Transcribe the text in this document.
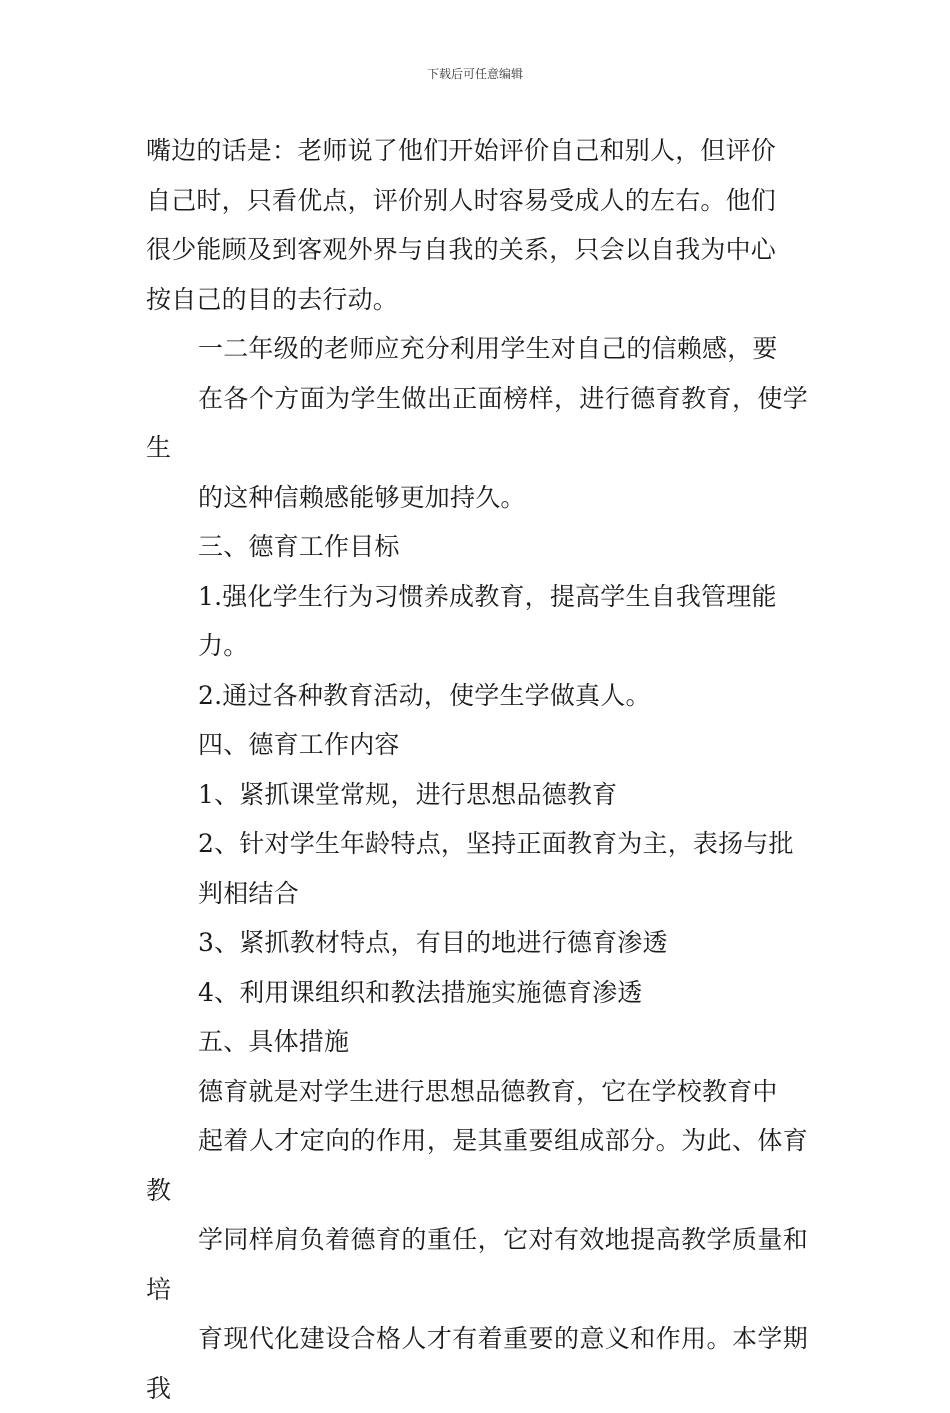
下载后可任意编辑

嘴边的话是：老师说了他们开始评价自己和别人，但评价
自己时，只看优点，评价别人时容易受成人的左右。他们
很少能顾及到客观外界与自我的关系，只会以自我为中心
按自己的目的去行动。

一二年级的老师应充分利用学生对自己的信赖感，要
在各个方面为学生做出正面榜样，进行德育教育，使学生
的这种信赖感能够更加持久。

三、德育工作目标

1.强化学生行为习惯养成教育，提高学生自我管理能
力。

2.通过各种教育活动，使学生学做真人。

四、德育工作内容

1、紧抓课堂常规，进行思想品德教育

2、针对学生年龄特点，坚持正面教育为主，表扬与批
判相结合

3、紧抓教材特点，有目的地进行德育渗透

4、利用课组织和教法措施实施德育渗透

五、具体措施

德育就是对学生进行思想品德教育，它在学校教育中
起着人才定向的作用，是其重要组成部分。为此、体育教
学同样肩负着德育的重任，它对有效地提高教学质量和培
育现代化建设合格人才有着重要的意义和作用。本学期我
